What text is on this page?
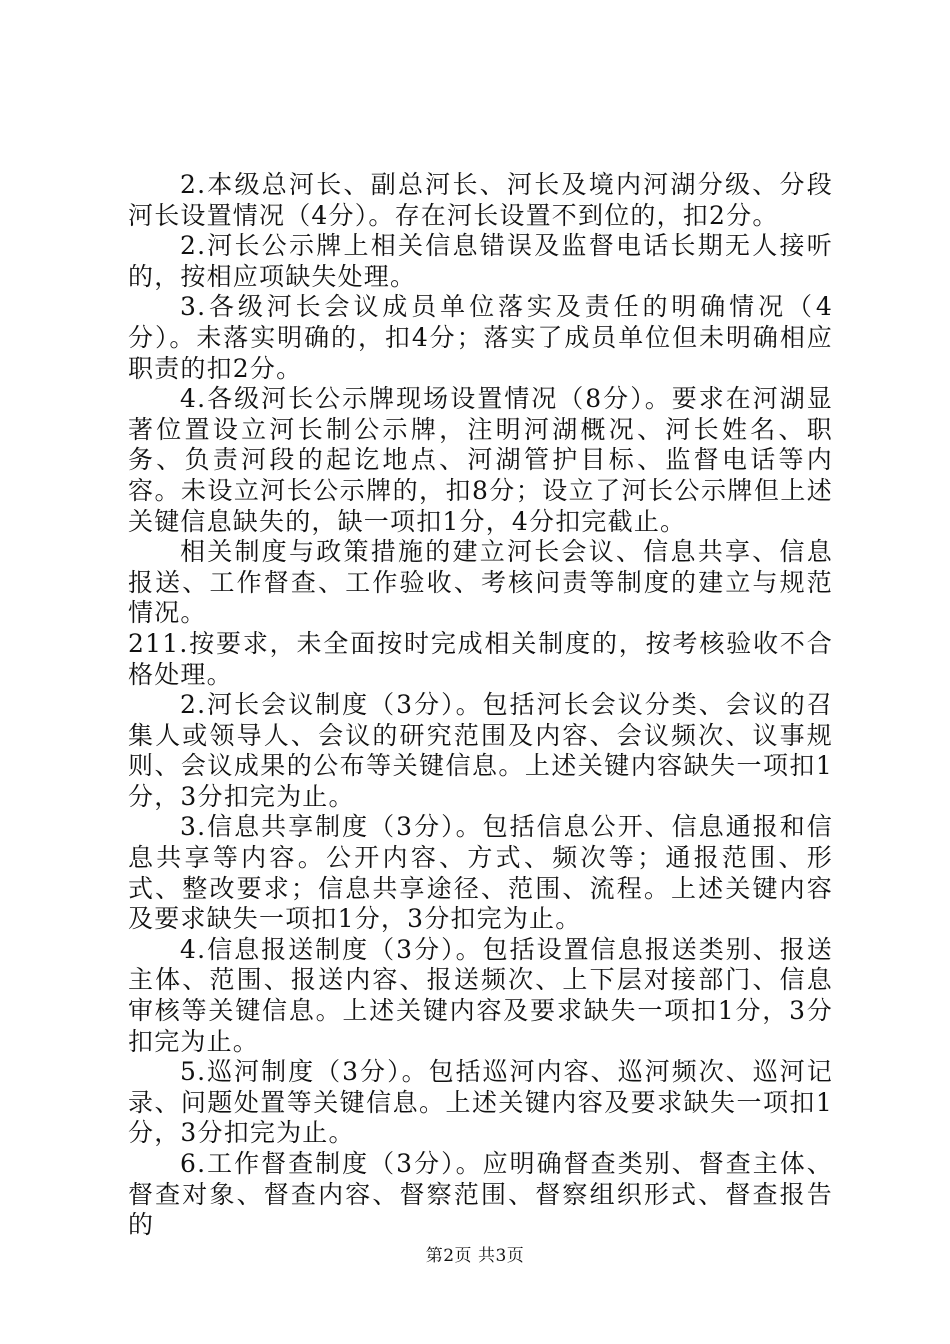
2.本级总河长、副总河长、河长及境内河湖分级、分段河长设置情况（4分）。存在河长设置不到位的，扣2分。

2.河长公示牌上相关信息错误及监督电话长期无人接听的，按相应项缺失处理。

3.各级河长会议成员单位落实及责任的明确情况（4分）。未落实明确的，扣4分；落实了成员单位但未明确相应职责的扣2分。

4.各级河长公示牌现场设置情况（8分）。要求在河湖显著位置设立河长制公示牌，注明河湖概况、河长姓名、职务、负责河段的起讫地点、河湖管护目标、监督电话等内容。未设立河长公示牌的，扣8分；设立了河长公示牌但上述关键信息缺失的，缺一项扣1分，4分扣完截止。

相关制度与政策措施的建立河长会议、信息共享、信息报送、工作督查、工作验收、考核问责等制度的建立与规范情况。

211.按要求，未全面按时完成相关制度的，按考核验收不合格处理。

2.河长会议制度（3分）。包括河长会议分类、会议的召集人或领导人、会议的研究范围及内容、会议频次、议事规则、会议成果的公布等关键信息。上述关键内容缺失一项扣1分，3分扣完为止。

3.信息共享制度（3分）。包括信息公开、信息通报和信息共享等内容。公开内容、方式、频次等；通报范围、形式、整改要求；信息共享途径、范围、流程。上述关键内容及要求缺失一项扣1分，3分扣完为止。

4.信息报送制度（3分）。包括设置信息报送类别、报送主体、范围、报送内容、报送频次、上下层对接部门、信息审核等关键信息。上述关键内容及要求缺失一项扣1分，3分扣完为止。

5.巡河制度（3分）。包括巡河内容、巡河频次、巡河记录、问题处置等关键信息。上述关键内容及要求缺失一项扣1分，3分扣完为止。

6.工作督查制度（3分）。应明确督查类别、督查主体、督查对象、督查内容、督察范围、督察组织形式、督查报告的

第2页 共3页
